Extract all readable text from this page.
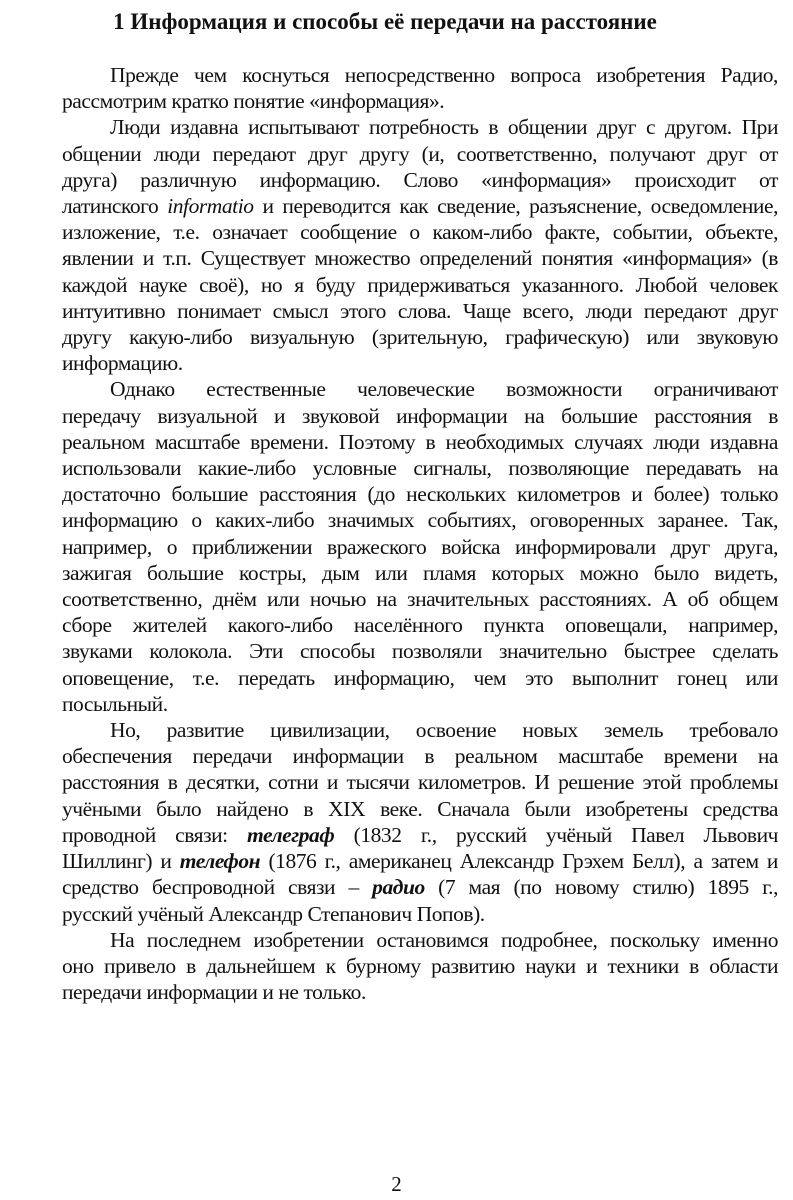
1 Информация и способы её передачи на расстояние
Прежде чем коснуться непосредственно вопроса изобретения Радио,
рассмотрим кратко понятие «информация».
Люди издавна испытывают потребность в общении друг с другом. При
общении люди передают друг другу (и, соответственно, получают друг от
друга) различную информацию. Слово «информация» происходит от
латинского informatio и переводится как сведение, разъяснение, осведомление,
изложение, т.е. означает сообщение о каком-либо факте, событии, объекте,
явлении и т.п. Существует множество определений понятия «информация» (в
каждой науке своё), но я буду придерживаться указанного. Любой человек
интуитивно понимает смысл этого слова. Чаще всего, люди передают друг
другу какую-либо визуальную (зрительную, графическую) или звуковую
информацию.
Однако естественные человеческие возможности ограничивают
передачу визуальной и звуковой информации на большие расстояния в
реальном масштабе времени. Поэтому в необходимых случаях люди издавна
использовали какие-либо условные сигналы, позволяющие передавать на
достаточно большие расстояния (до нескольких километров и более) только
информацию о каких-либо значимых событиях, оговоренных заранее. Так,
например, о приближении вражеского войска информировали друг друга,
зажигая большие костры, дым или пламя которых можно было видеть,
соответственно, днём или ночью на значительных расстояниях. А об общем
сборе жителей какого-либо населённого пункта оповещали, например,
звуками колокола. Эти способы позволяли значительно быстрее сделать
оповещение, т.е. передать информацию, чем это выполнит гонец или
посыльный.
Но, развитие цивилизации, освоение новых земель требовало
обеспечения передачи информации в реальном масштабе времени на
расстояния в десятки, сотни и тысячи километров. И решение этой проблемы
учёными было найдено в XIX веке. Сначала были изобретены средства
проводной связи: телеграф (1832 г., русский учёный Павел Львович
Шиллинг) и телефон (1876 г., американец Александр Грэхем Белл), а затем и
средство беспроводной связи – радио (7 мая (по новому стилю) 1895 г.,
русский учёный Александр Степанович Попов).
На последнем изобретении остановимся подробнее, поскольку именно
оно привело в дальнейшем к бурному развитию науки и техники в области
передачи информации и не только.
2
